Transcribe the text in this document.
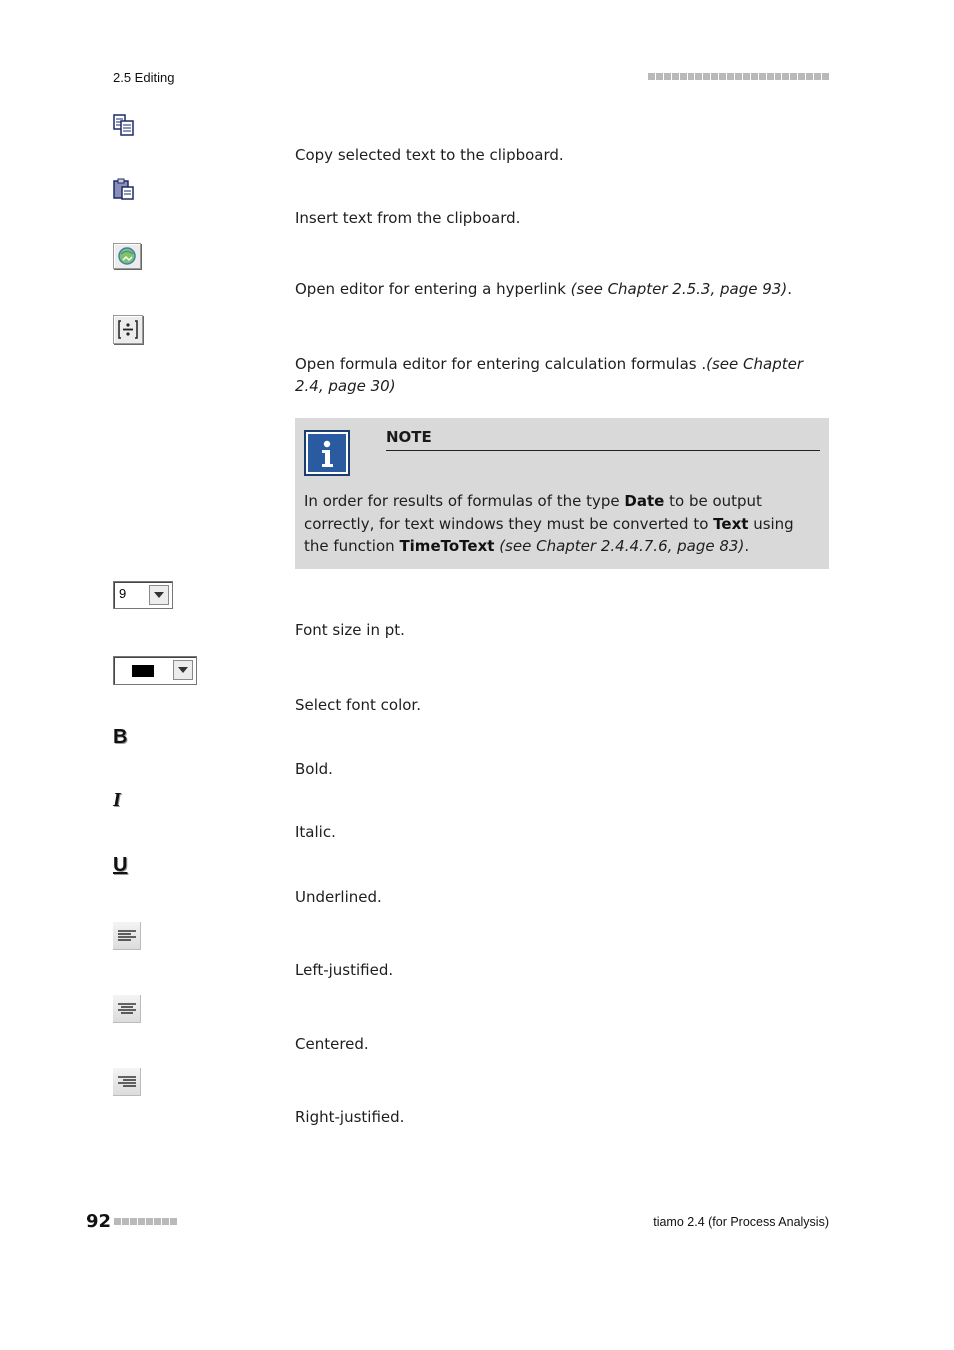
2.5 Editing
Copy selected text to the clipboard.
Insert text from the clipboard.
Open editor for entering a hyperlink (see Chapter 2.5.3, page 93).
Open formula editor for entering calculation formulas .(see Chapter 2.4, page 30)
NOTE
In order for results of formulas of the type Date to be output correctly, for text windows they must be converted to Text using the function TimeToText (see Chapter 2.4.4.7.6, page 83).
9
Font size in pt.
Select font color.
B
Bold.
I
Italic.
U
Underlined.
Left-justified.
Centered.
Right-justified.
92	tiamo 2.4 (for Process Analysis)
